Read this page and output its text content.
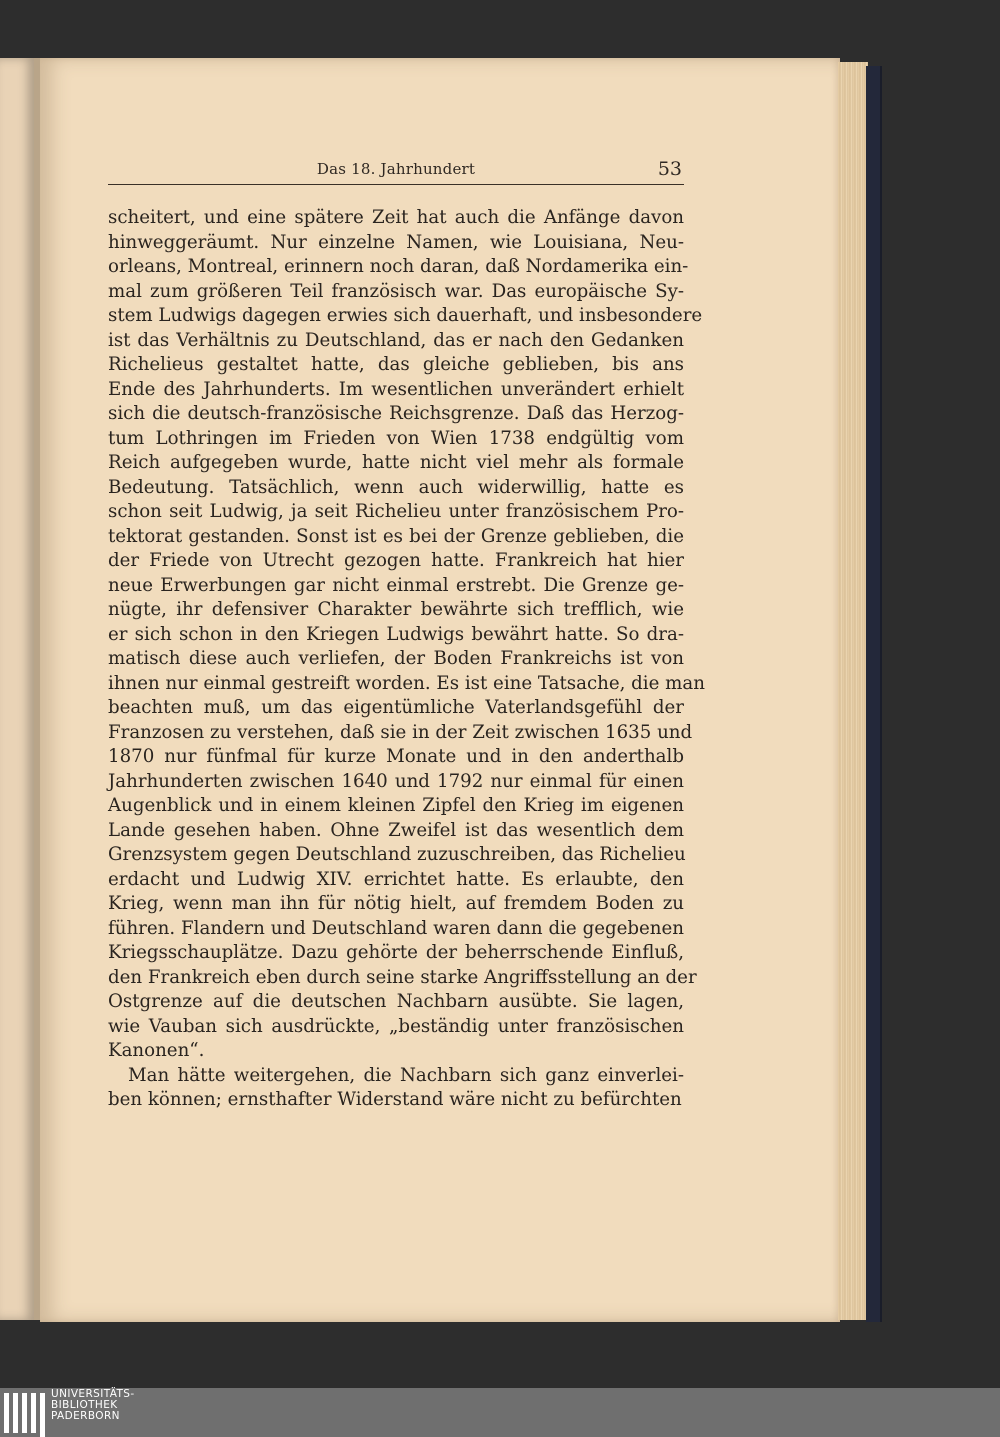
Das 18. Jahrhundert	53
scheitert, und eine spätere Zeit hat auch die Anfänge davon
hinweggeräumt. Nur einzelne Namen, wie Louisiana, Neu-
orleans, Montreal, erinnern noch daran, daß Nordamerika ein-
mal zum größeren Teil französisch war. Das europäische Sy-
stem Ludwigs dagegen erwies sich dauerhaft, und insbesondere
ist das Verhältnis zu Deutschland, das er nach den Gedanken
Richelieus gestaltet hatte, das gleiche geblieben, bis ans
Ende des Jahrhunderts. Im wesentlichen unverändert erhielt
sich die deutsch-französische Reichsgrenze. Daß das Herzog-
tum Lothringen im Frieden von Wien 1738 endgültig vom
Reich aufgegeben wurde, hatte nicht viel mehr als formale
Bedeutung. Tatsächlich, wenn auch widerwillig, hatte es
schon seit Ludwig, ja seit Richelieu unter französischem Pro-
tektorat gestanden. Sonst ist es bei der Grenze geblieben, die
der Friede von Utrecht gezogen hatte. Frankreich hat hier
neue Erwerbungen gar nicht einmal erstrebt. Die Grenze ge-
nügte, ihr defensiver Charakter bewährte sich trefflich, wie
er sich schon in den Kriegen Ludwigs bewährt hatte. So dra-
matisch diese auch verliefen, der Boden Frankreichs ist von
ihnen nur einmal gestreift worden. Es ist eine Tatsache, die man
beachten muß, um das eigentümliche Vaterlandsgefühl der
Franzosen zu verstehen, daß sie in der Zeit zwischen 1635 und
1870 nur fünfmal für kurze Monate und in den anderthalb
Jahrhunderten zwischen 1640 und 1792 nur einmal für einen
Augenblick und in einem kleinen Zipfel den Krieg im eigenen
Lande gesehen haben. Ohne Zweifel ist das wesentlich dem
Grenzsystem gegen Deutschland zuzuschreiben, das Richelieu
erdacht und Ludwig XIV. errichtet hatte. Es erlaubte, den
Krieg, wenn man ihn für nötig hielt, auf fremdem Boden zu
führen. Flandern und Deutschland waren dann die gegebenen
Kriegsschauplätze. Dazu gehörte der beherrschende Einfluß,
den Frankreich eben durch seine starke Angriffsstellung an der
Ostgrenze auf die deutschen Nachbarn ausübte. Sie lagen,
wie Vauban sich ausdrückte, „beständig unter französischen
Kanonen“.
Man hätte weitergehen, die Nachbarn sich ganz einverlei-
ben können; ernsthafter Widerstand wäre nicht zu befürchten
UNIVERSITÄTS-
BIBLIOTHEK
PADERBORN
